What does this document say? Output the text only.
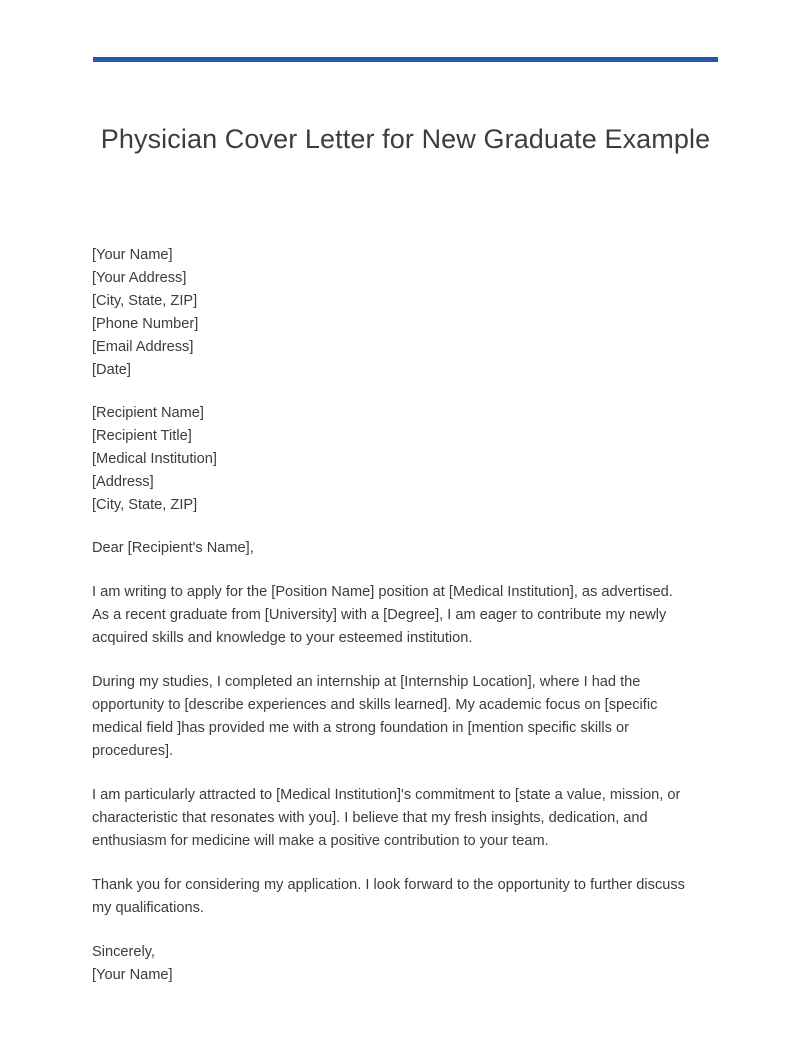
Physician Cover Letter for New Graduate Example
[Your Name]
[Your Address]
[City, State, ZIP]
[Phone Number]
[Email Address]
[Date]
[Recipient Name]
[Recipient Title]
[Medical Institution]
[Address]
[City, State, ZIP]

Dear [Recipient's Name],

I am writing to apply for the [Position Name] position at [Medical Institution], as advertised. As a recent graduate from [University] with a [Degree], I am eager to contribute my newly acquired skills and knowledge to your esteemed institution.

During my studies, I completed an internship at [Internship Location], where I had the opportunity to [describe experiences and skills learned]. My academic focus on [specific medical field ]has provided me with a strong foundation in [mention specific skills or procedures].

I am particularly attracted to [Medical Institution]'s commitment to [state a value, mission, or characteristic that resonates with you]. I believe that my fresh insights, dedication, and enthusiasm for medicine will make a positive contribution to your team.

Thank you for considering my application. I look forward to the opportunity to further discuss my qualifications.

Sincerely,
[Your Name]
